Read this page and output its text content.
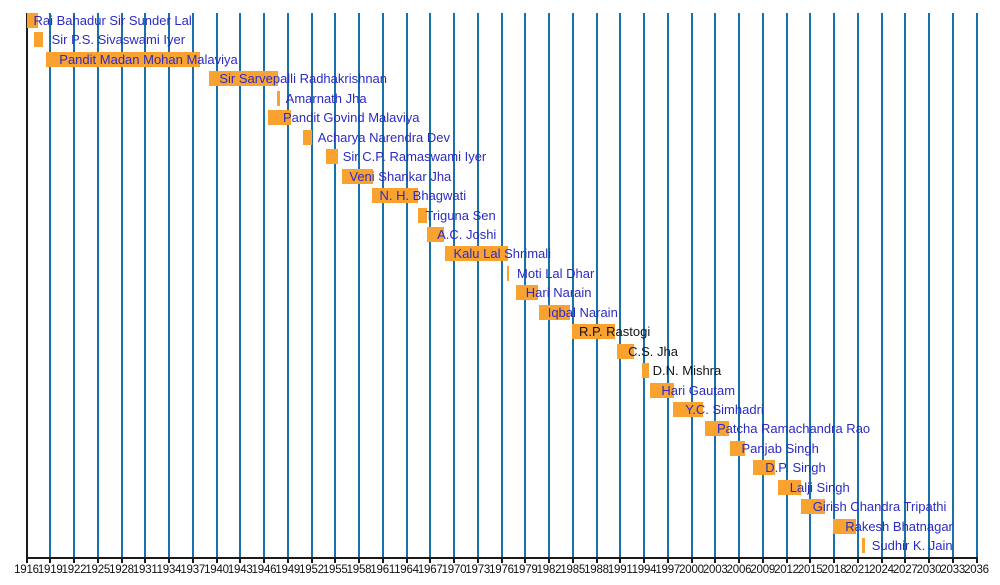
1916
1919
1922
1925
1928
1931
1934
1937
1940
1943
1946
1949
1952
1955
1958
1961
1964
1967
1970
1973
1976
1979
1982
1985
1988
1991
1994
1997
2000
2003
2006
2009
2012
2015
2018
2021
2024
2027
2030
2033
2036
Rai Bahadur Sir Sunder Lal
Sir P.S. Sivaswami Iyer
Pandit Madan Mohan Malaviya
Sir Sarvepalli Radhakrishnan
Amarnath Jha
Pandit Govind Malaviya
Acharya Narendra Dev
Sir C.P. Ramaswami Iyer
Veni Shankar Jha
N. H. Bhagwati
Triguna Sen
A.C. Joshi
Kalu Lal Shrimali
Moti Lal Dhar
Hari Narain
Iqbal Narain
R.P. Rastogi
C.S. Jha
D.N. Mishra
Hari Gautam
Y.C. Simhadri
Patcha Ramachandra Rao
Panjab Singh
D.P. Singh
Lalji Singh
Girish Chandra Tripathi
Rakesh Bhatnagar
Sudhir K. Jain
